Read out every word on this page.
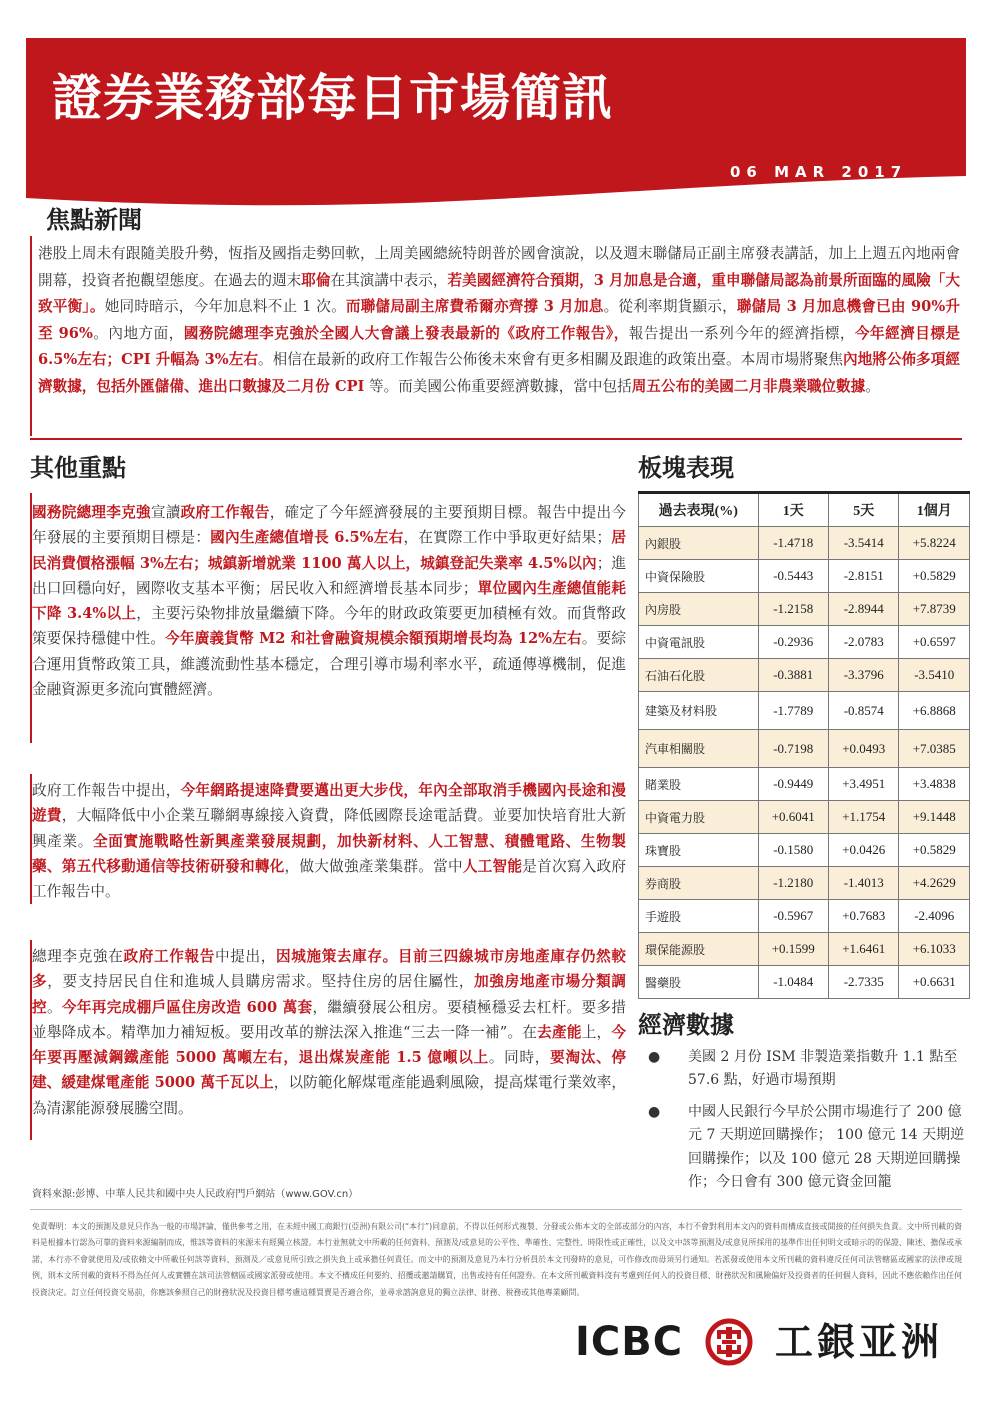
證券業務部每日市場簡訊
06 MAR 2017
焦點新聞
港股上周未有跟隨美股升勢，恆指及國指走勢回軟，上周美國總統特朗普於國會演說，以及週末聯儲局正副主席發表講話，加上上週五內地兩會開幕，投資者抱觀望態度。在過去的週末耶倫在其演講中表示，若美國經濟符合預期，3 月加息是合適，重申聯儲局認為前景所面臨的風險「大致平衡」。她同時暗示，今年加息料不止 1 次。而聯儲局副主席費希爾亦齊撐 3 月加息。從利率期貨顯示，聯儲局 3 月加息機會已由 90%升至 96%。內地方面，國務院總理李克強於全國人大會議上發表最新的《政府工作報告》，報告提出一系列今年的經濟指標，今年經濟目標是 6.5%左右；CPI 升幅為 3%左右。相信在最新的政府工作報告公佈後未來會有更多相關及跟進的政策出臺。本周市場將聚焦內地將公佈多項經濟數據，包括外匯儲備、進出口數據及二月份 CPI 等。而美國公佈重要經濟數據，當中包括周五公布的美國二月非農業職位數據。
其他重點
國務院總理李克強宣讀政府工作報告，確定了今年經濟發展的主要預期目標。報告中提出今年發展的主要預期目標是：國內生產總值增長 6.5%左右，在實際工作中爭取更好結果；居民消費價格漲幅 3%左右；城鎮新增就業 1100 萬人以上，城鎮登記失業率 4.5%以內；進出口回穩向好，國際收支基本平衡；居民收入和經濟增長基本同步；單位國內生產總值能耗下降 3.4%以上，主要污染物排放量繼續下降。今年的財政政策要更加積極有效。而貨幣政策要保持穩健中性。今年廣義貨幣 M2 和社會融資規模余額預期增長均為 12%左右。要綜合運用貨幣政策工具，維護流動性基本穩定，合理引導市場利率水平，疏通傳導機制，促進金融資源更多流向實體經濟。
政府工作報告中提出，今年網路提速降費要邁出更大步伐，年內全部取消手機國內長途和漫遊費，大幅降低中小企業互聯網專線接入資費，降低國際長途電話費。並要加快培育壯大新興產業。全面實施戰略性新興產業發展規劃，加快新材料、人工智慧、積體電路、生物製藥、第五代移動通信等技術研發和轉化，做大做強產業集群。當中人工智能是首次寫入政府工作報告中。
總理李克強在政府工作報告中提出，因城施策去庫存。目前三四線城市房地產庫存仍然較多，要支持居民自住和進城人員購房需求。堅持住房的居住屬性，加強房地產市場分類調控。今年再完成棚戶區住房改造 600 萬套，繼續發展公租房。要積極穩妥去杠杆。要多措並舉降成本。精準加力補短板。要用改革的辦法深入推進“三去一降一補”。在去產能上，今年要再壓減鋼鐵產能 5000 萬噸左右，退出煤炭產能 1.5 億噸以上。同時，要淘汰、停建、緩建煤電產能 5000 萬千瓦以上，以防範化解煤電產能過剩風險，提高煤電行業效率，為清潔能源發展騰空間。
板塊表現
過去表現(%)	1天	5天	1個月
內銀股	-1.4718	-3.5414	+5.8224
中資保險股	-0.5443	-2.8151	+0.5829
內房股	-1.2158	-2.8944	+7.8739
中資電訊股	-0.2936	-2.0783	+0.6597
石油石化股	-0.3881	-3.3796	-3.5410
建築及材料股	-1.7789	-0.8574	+6.8868
汽車相關股	-0.7198	+0.0493	+7.0385
賭業股	-0.9449	+3.4951	+3.4838
中資電力股	+0.6041	+1.1754	+9.1448
珠寶股	-0.1580	+0.0426	+0.5829
券商股	-1.2180	-1.4013	+4.2629
手遊股	-0.5967	+0.7683	-2.4096
環保能源股	+0.1599	+1.6461	+6.1033
醫藥股	-1.0484	-2.7335	+0.6631
經濟數據
● 美國 2 月份 ISM 非製造業指數升 1.1 點至 57.6 點，好過市場預期
● 中國人民銀行今早於公開市場進行了 200 億元 7 天期逆回購操作； 100 億元 14 天期逆回購操作；以及 100 億元 28 天期逆回購操作；今日會有 300 億元資金回籠
資料來源:彭博、中華人民共和國中央人民政府門戶網站（www.GOV.cn）
免責聲明：本文的預測及意見只作為一般的市場評論，僅供參考之用，在未經中國工商銀行(亞洲)有限公司(“本行”)同意前，不得以任何形式複製、分發或公佈本文的全部或部分的內容，本行不會對利用本文內的資料而構成直接或間接的任何損失負責。文中所刊載的資料是根據本行認為可靠的資料來源編制而成，惟該等資料的來源未有經獨立核證。本行並無就文中所載的任何資料、預測及/或意見的公平性、準確性、完整性、時限性或正確性，以及文中該等預測及/或意見所採用的基準作出任何明文或暗示的的保證、陳述、擔保或承諾，本行亦不會就使用及/或依賴文中所載任何該等資料、預測及／或意見所引致之損失負上或承擔任何責任。而文中的預測及意見乃本行分析員於本文刊發時的意見，可作修改而毋須另行通知。若派發或使用本文所刊載的資料違反任何司法管轄區或國家的法律或規例，則本文所刊載的資料不得為任何人或實體在該司法管轄區或國家派發或使用。本文不構成任何要約、招攬或邀請購買，出售或持有任何證券。在本文所刊載資料沒有考慮到任何人的投資目標、財務狀況和風險偏好及投資者的任何個人資料，因此不應依賴作出任何投資決定。訂立任何投資交易前，你應該參照自己的財務狀況及投資目標考慮這種買賣是否適合你，並尋求諮詢意見的獨立法律、財務、稅務或其他專業顧問。
ICBC 工銀亚洲
